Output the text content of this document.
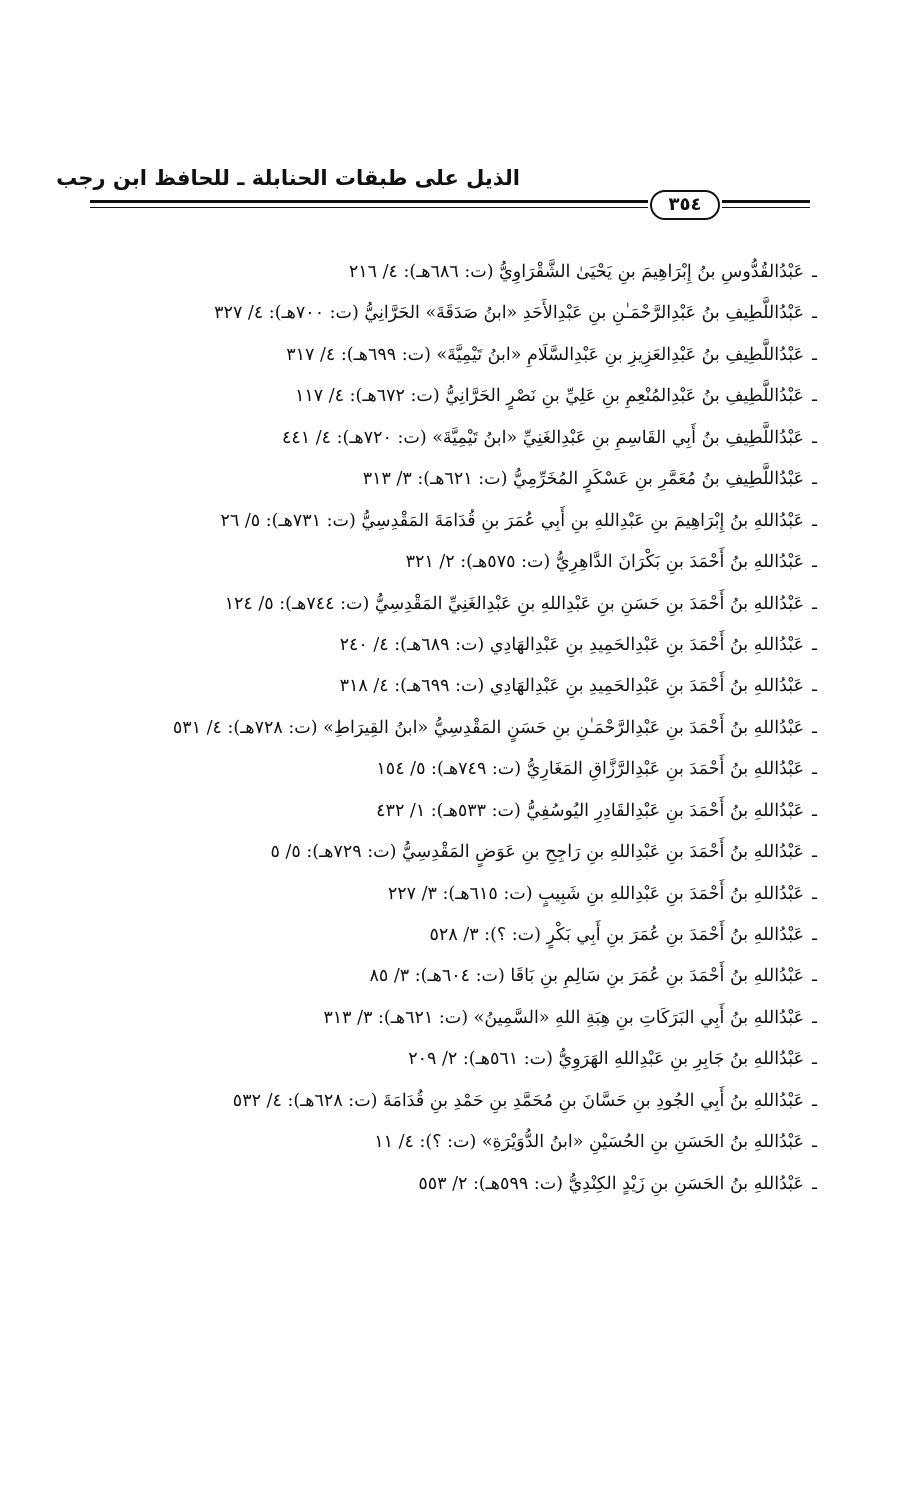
الذيل على طبقات الحنابلة ـ للحافظ ابن رجب
٣٥٤
ـعَبْدُالقُدُّوسِ بنُ إِبْرَاهِيمَ بنِ يَحْيَىٰ الشَّقْرَاوِيُّ (ت: ٦٨٦هـ): ٤/ ٢١٦
ـعَبْدُاللَّطِيفِ بنُ عَبْدِالرَّحْمَـٰنِ بنِ عَبْدِالأَحَدِ «ابنُ صَدَقَةَ» الحَرَّانِيُّ (ت: ٧٠٠هـ): ٤/ ٣٢٧
ـعَبْدُاللَّطِيفِ بنُ عَبْدِالعَزِيزِ بنِ عَبْدِالسَّلَامِ «ابنُ تَيْمِيَّةَ» (ت: ٦٩٩هـ): ٤/ ٣١٧
ـعَبْدُاللَّطِيفِ بنُ عَبْدِالمُنْعِمِ بنِ عَلِيِّ بنِ نَصْرٍ الحَرَّانِيُّ (ت: ٦٧٢هـ): ٤/ ١١٧
ـعَبْدُاللَّطِيفِ بنُ أَبِي القَاسِمِ بنِ عَبْدِالغَنِيِّ «ابنُ تَيْمِيَّةَ» (ت: ٧٢٠هـ): ٤/ ٤٤١
ـعَبْدُاللَّطِيفِ بنُ مُعَمَّرِ بنِ عَسْكَرٍ المُخَرِّمِيُّ (ت: ٦٢١هـ): ٣/ ٣١٣
ـعَبْدُاللهِ بنُ إِبْرَاهِيمَ بنِ عَبْدِاللهِ بنِ أَبِي عُمَرَ بنِ قُدَامَةَ المَقْدِسِيُّ (ت: ٧٣١هـ): ٥/ ٢٦
ـعَبْدُاللهِ بنُ أَحْمَدَ بنِ بَكْرَانَ الدَّاهِرِيُّ (ت: ٥٧٥هـ): ٢/ ٣٢١
ـعَبْدُاللهِ بنُ أَحْمَدَ بنِ حَسَنِ بنِ عَبْدِاللهِ بنِ عَبْدِالغَنِيِّ المَقْدِسِيُّ (ت: ٧٤٤هـ): ٥/ ١٢٤
ـعَبْدُاللهِ بنُ أَحْمَدَ بنِ عَبْدِالحَمِيدِ بنِ عَبْدِالهَادِي (ت: ٦٨٩هـ): ٤/ ٢٤٠
ـعَبْدُاللهِ بنُ أَحْمَدَ بنِ عَبْدِالحَمِيدِ بنِ عَبْدِالهَادِي (ت: ٦٩٩هـ): ٤/ ٣١٨
ـعَبْدُاللهِ بنُ أَحْمَدَ بنِ عَبْدِالرَّحْمَـٰنِ بنِ حَسَنٍ المَقْدِسِيُّ «ابنُ القِيرَاطِ» (ت: ٧٢٨هـ): ٤/ ٥٣١
ـعَبْدُاللهِ بنُ أَحْمَدَ بنِ عَبْدِالرَّزَّاقِ المَغَارِيُّ (ت: ٧٤٩هـ): ٥/ ١٥٤
ـعَبْدُاللهِ بنُ أَحْمَدَ بنِ عَبْدِالقَادِرِ اليُوسُفِيُّ (ت: ٥٣٣هـ): ١/ ٤٣٢
ـعَبْدُاللهِ بنُ أَحْمَدَ بنِ عَبْدِاللهِ بنِ رَاجِحِ بنِ عَوَضٍ المَقْدِسِيُّ (ت: ٧٢٩هـ): ٥/ ٥
ـعَبْدُاللهِ بنُ أَحْمَدَ بنِ عَبْدِاللهِ بنِ شَبِيبٍ (ت: ٦١٥هـ): ٣/ ٢٢٧
ـعَبْدُاللهِ بنُ أَحْمَدَ بنِ عُمَرَ بنِ أَبِي بَكْرٍ (ت: ؟): ٣/ ٥٢٨
ـعَبْدُاللهِ بنُ أَحْمَدَ بنِ عُمَرَ بنِ سَالِمِ بنِ بَاقَا (ت: ٦٠٤هـ): ٣/ ٨٥
ـعَبْدُاللهِ بنُ أَبِي البَرَكَاتِ بنِ هِبَةِ اللهِ «السَّمِينُ» (ت: ٦٢١هـ): ٣/ ٣١٣
ـعَبْدُاللهِ بنُ جَابِرِ بنِ عَبْدِاللهِ الهَرَوِيُّ (ت: ٥٦١هـ): ٢/ ٢٠٩
ـعَبْدُاللهِ بنُ أَبِي الجُودِ بنِ حَسَّانَ بنِ مُحَمَّدِ بنِ حَمْدِ بنِ قُدَامَةَ (ت: ٦٢٨هـ): ٤/ ٥٣٢
ـعَبْدُاللهِ بنُ الحَسَنِ بنِ الحُسَيْنِ «ابنُ الدُّوَيْرَةِ» (ت: ؟): ٤/ ١١
ـعَبْدُاللهِ بنُ الحَسَنِ بنِ زَيْدٍ الكِنْدِيُّ (ت: ٥٩٩هـ): ٢/ ٥٥٣
